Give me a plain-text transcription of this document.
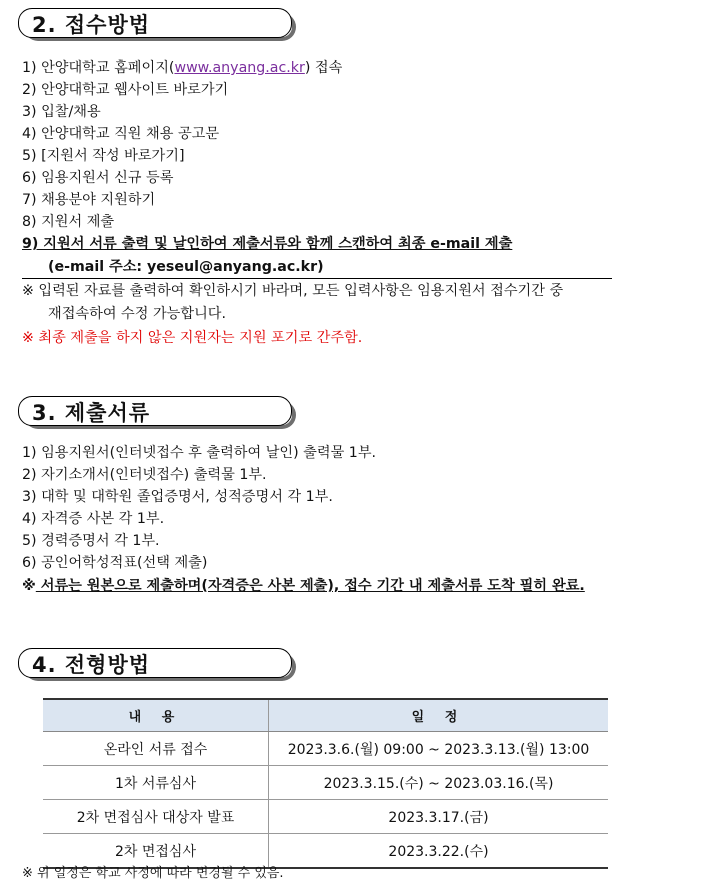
2. 접수방법
1) 안양대학교 홈페이지(www.anyang.ac.kr) 접속
2) 안양대학교 웹사이트 바로가기
3) 입찰/채용
4) 안양대학교 직원 채용 공고문
5) [지원서 작성 바로가기]
6) 임용지원서 신규 등록
7) 채용분야 지원하기
8) 지원서 제출
9) 지원서 서류 출력 및 날인하여 제출서류와 함께 스캔하여 최종 e-mail 제출
(e-mail 주소: yeseul@anyang.ac.kr)
※ 입력된 자료를 출력하여 확인하시기 바라며, 모든 입력사항은 임용지원서 접수기간 중
재접속하여 수정 가능합니다.
※ 최종 제출을 하지 않은 지원자는 지원 포기로 간주함.
3. 제출서류
1) 임용지원서(인터넷접수 후 출력하여 날인) 출력물 1부.
2) 자기소개서(인터넷접수) 출력물 1부.
3) 대학 및 대학원 졸업증명서, 성적증명서 각 1부.
4) 자격증 사본 각 1부.
5) 경력증명서 각 1부.
6) 공인어학성적표(선택 제출)
※ 서류는 원본으로 제출하며(자격증은 사본 제출), 접수 기간 내 제출서류 도착 필히 완료.
4. 전형방법
내 용	일 정
온라인 서류 접수	2023.3.6.(월) 09:00 ~ 2023.3.13.(월) 13:00
1차 서류심사	2023.3.15.(수) ~ 2023.03.16.(목)
2차 면접심사 대상자 발표	2023.3.17.(금)
2차 면접심사	2023.3.22.(수)
※ 위 일정은 학교 사정에 따라 변경될 수 있음.
